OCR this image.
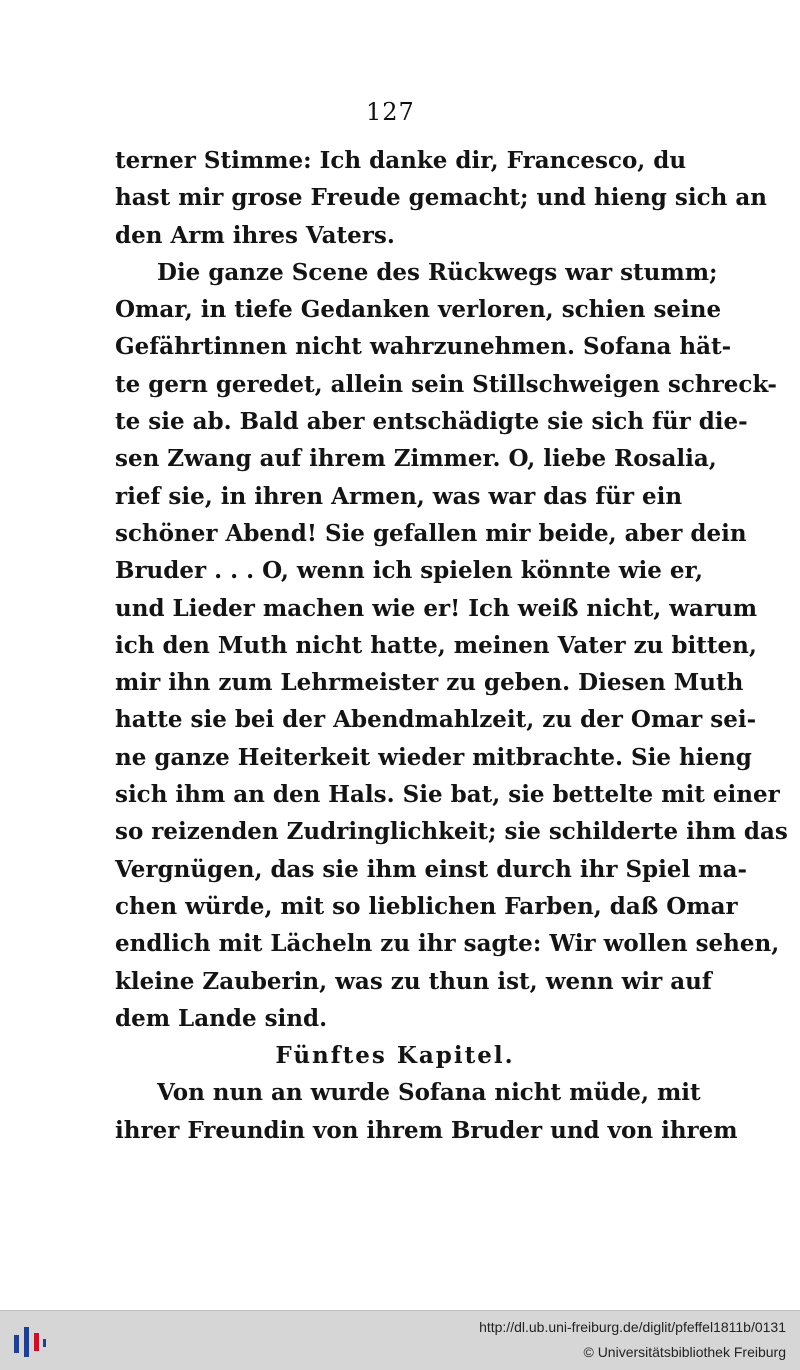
127
terner Stimme: Ich danke dir, Francesco, du
hast mir grose Freude gemacht; und hieng sich an
den Arm ihres Vaters.
Die ganze Scene des Rückwegs war stumm;
Omar, in tiefe Gedanken verloren, schien seine
Gefährtinnen nicht wahrzunehmen. Sofana hät-
te gern geredet, allein sein Stillschweigen schreck-
te sie ab. Bald aber entschädigte sie sich für die-
sen Zwang auf ihrem Zimmer. O, liebe Rosalia,
rief sie, in ihren Armen, was war das für ein
schöner Abend! Sie gefallen mir beide, aber dein
Bruder . . . O, wenn ich spielen könnte wie er,
und Lieder machen wie er! Ich weiß nicht, warum
ich den Muth nicht hatte, meinen Vater zu bitten,
mir ihn zum Lehrmeister zu geben. Diesen Muth
hatte sie bei der Abendmahlzeit, zu der Omar sei-
ne ganze Heiterkeit wieder mitbrachte. Sie hieng
sich ihm an den Hals. Sie bat, sie bettelte mit einer
so reizenden Zudringlichkeit; sie schilderte ihm das
Vergnügen, das sie ihm einst durch ihr Spiel ma-
chen würde, mit so lieblichen Farben, daß Omar
endlich mit Lächeln zu ihr sagte: Wir wollen sehen,
kleine Zauberin, was zu thun ist, wenn wir auf
dem Lande sind.
Fünftes Kapitel.
Von nun an wurde Sofana nicht müde, mit
ihrer Freundin von ihrem Bruder und von ihrem
http://dl.ub.uni-freiburg.de/diglit/pfeffel1811b/0131
© Universitätsbibliothek Freiburg
